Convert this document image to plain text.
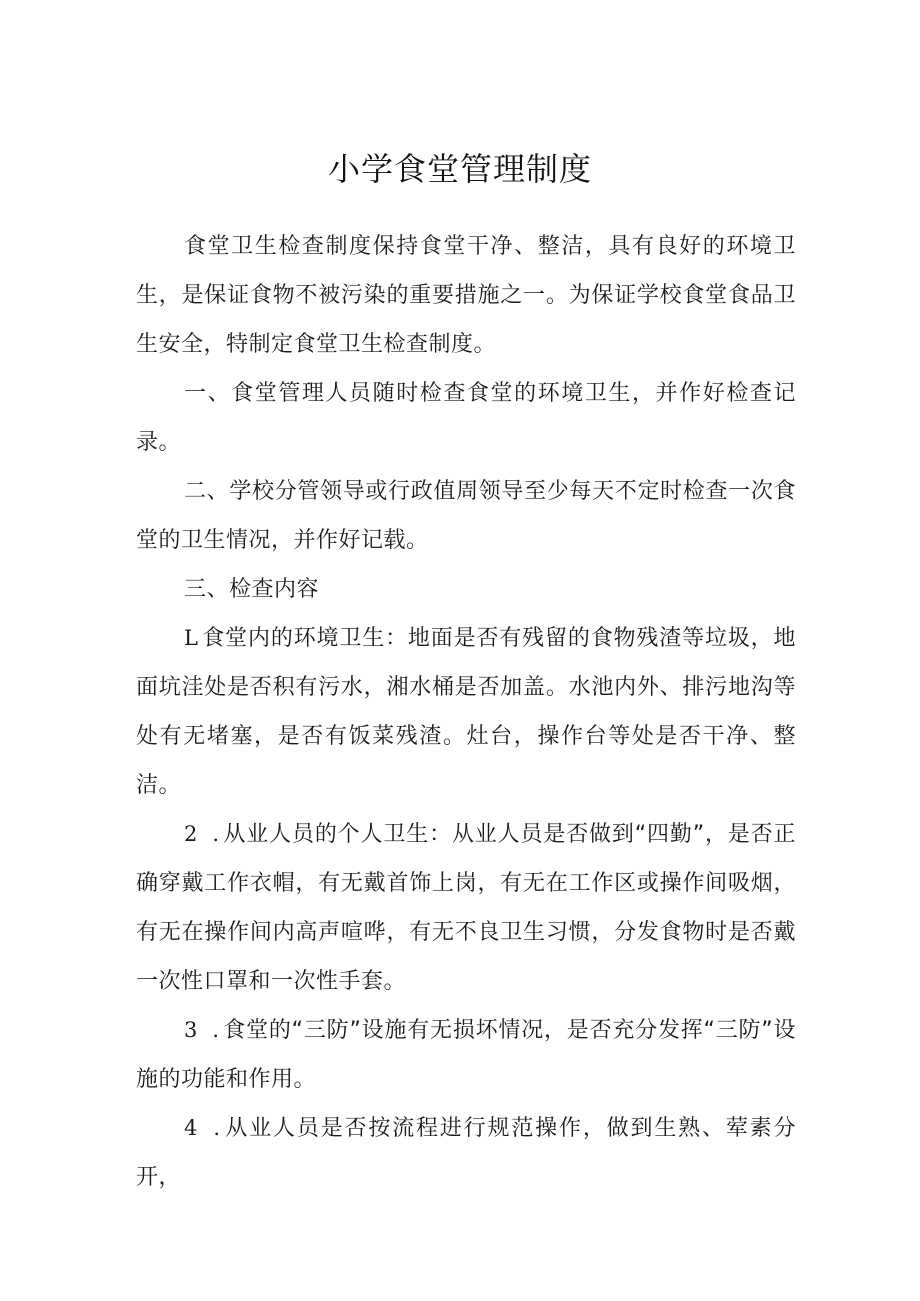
小学食堂管理制度

食堂卫生检查制度保持食堂干净、整洁，具有良好的环境卫生，是保证食物不被污染的重要措施之一。为保证学校食堂食品卫生安全，特制定食堂卫生检查制度。

一、食堂管理人员随时检查食堂的环境卫生，并作好检查记录。

二、学校分管领导或行政值周领导至少每天不定时检查一次食堂的卫生情况，并作好记载。

三、检查内容

L食堂内的环境卫生：地面是否有残留的食物残渣等垃圾，地面坑洼处是否积有污水，湘水桶是否加盖。水池内外、排污地沟等处有无堵塞，是否有饭菜残渣。灶台，操作台等处是否干净、整洁。

2 .从业人员的个人卫生：从业人员是否做到“四勤”，是否正确穿戴工作衣帽，有无戴首饰上岗，有无在工作区或操作间吸烟，有无在操作间内高声喧哗，有无不良卫生习惯，分发食物时是否戴一次性口罩和一次性手套。

3 .食堂的“三防”设施有无损坏情况，是否充分发挥“三防”设施的功能和作用。

4 .从业人员是否按流程进行规范操作，做到生熟、荤素分开，
